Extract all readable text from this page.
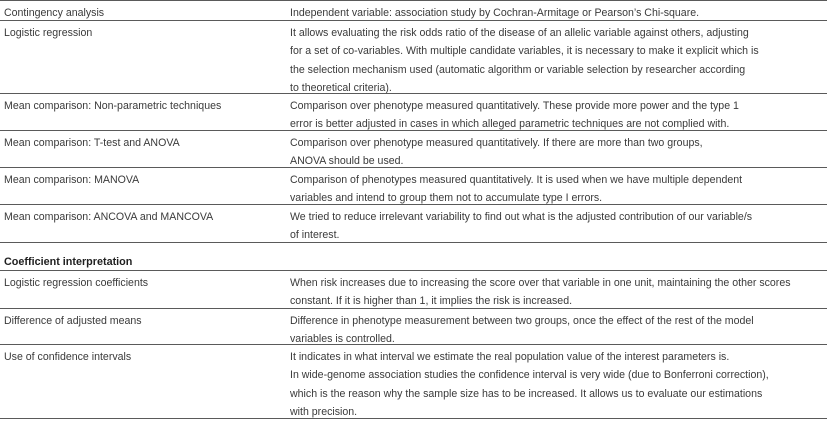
Contingency analysis	Independent variable: association study by Cochran-Armitage or Pearson’s Chi-square.
Logistic regression	It allows evaluating the risk odds ratio of the disease of an allelic variable against others, adjusting
for a set of co-variables. With multiple candidate variables, it is necessary to make it explicit which is
the selection mechanism used (automatic algorithm or variable selection by researcher according
to theoretical criteria).
Mean comparison: Non-parametric techniques	Comparison over phenotype measured quantitatively. These provide more power and the type 1
error is better adjusted in cases in which alleged parametric techniques are not complied with.
Mean comparison: T-test and ANOVA	Comparison over phenotype measured quantitatively. If there are more than two groups,
ANOVA should be used.
Mean comparison: MANOVA	Comparison of phenotypes measured quantitatively. It is used when we have multiple dependent
variables and intend to group them not to accumulate type I errors.
Mean comparison: ANCOVA and MANCOVA	We tried to reduce irrelevant variability to find out what is the adjusted contribution of our variable/s
of interest.
Coefficient interpretation
Logistic regression coefficients	When risk increases due to increasing the score over that variable in one unit, maintaining the other scores
constant. If it is higher than 1, it implies the risk is increased.
Difference of adjusted means	Difference in phenotype measurement between two groups, once the effect of the rest of the model
variables is controlled.
Use of confidence intervals	It indicates in what interval we estimate the real population value of the interest parameters is.
In wide-genome association studies the confidence interval is very wide (due to Bonferroni correction),
which is the reason why the sample size has to be increased. It allows us to evaluate our estimations
with precision.
